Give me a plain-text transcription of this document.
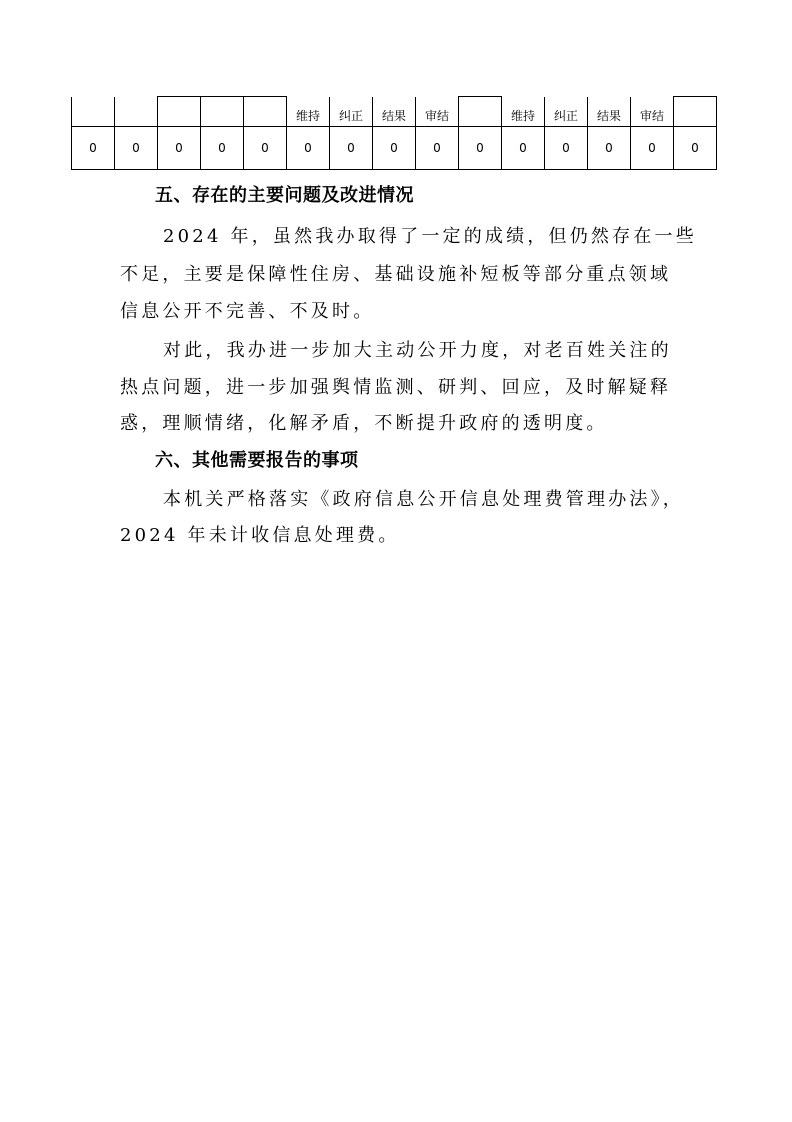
					维持	纠正	结果	审结		维持	纠正	结果	审结	
0	0	0	0	0	0	0	0	0	0	0	0	0	0	0
五、存在的主要问题及改进情况
2024 年，虽然我办取得了一定的成绩，但仍然存在一些
不足，主要是保障性住房、基础设施补短板等部分重点领域
信息公开不完善、不及时。
对此，我办进一步加大主动公开力度，对老百姓关注的
热点问题，进一步加强舆情监测、研判、回应，及时解疑释
惑，理顺情绪，化解矛盾，不断提升政府的透明度。
六、其他需要报告的事项
本机关严格落实《政府信息公开信息处理费管理办法》，
2024 年未计收信息处理费。
